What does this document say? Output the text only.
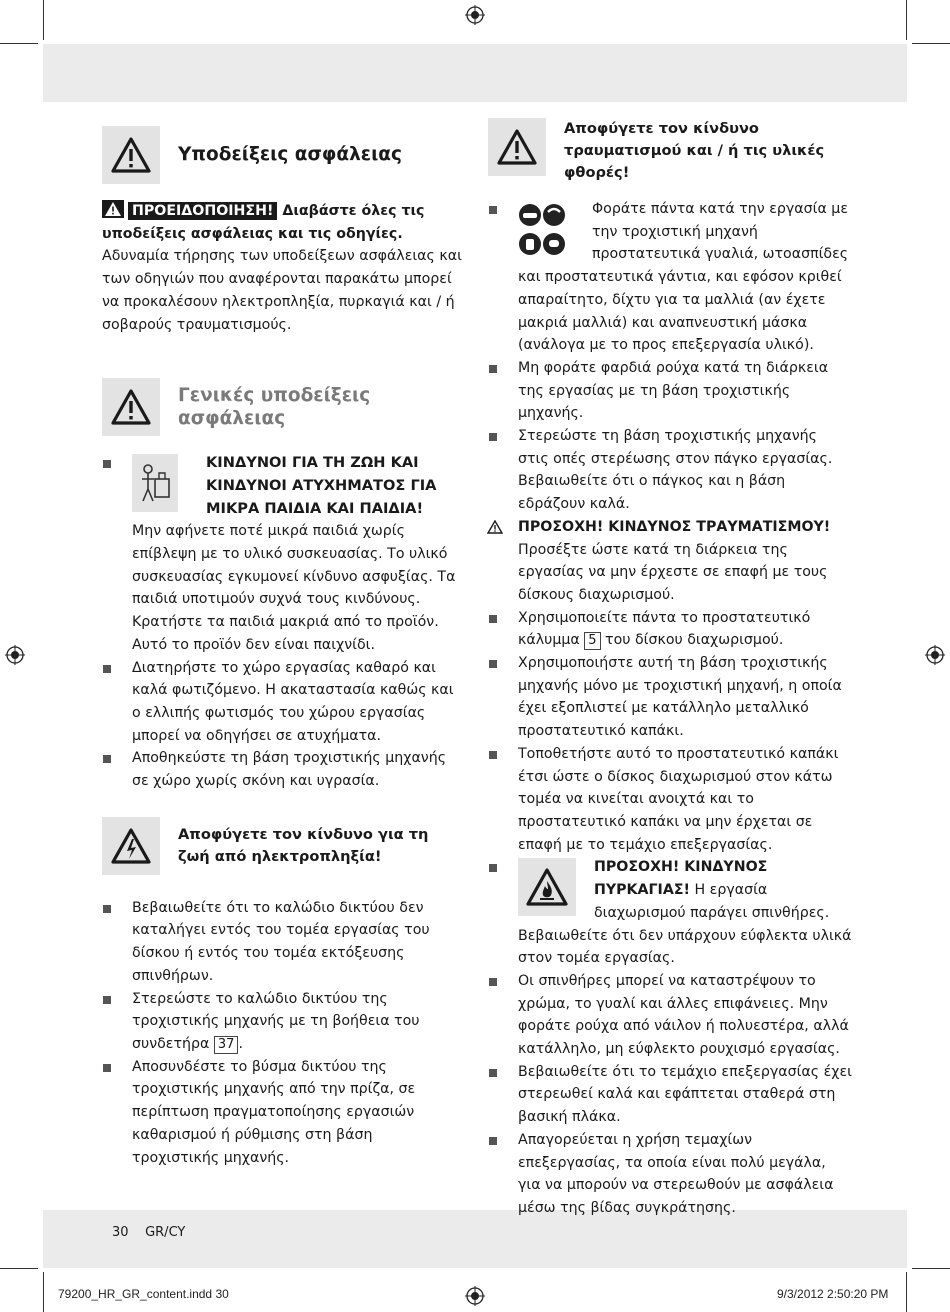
Υποδείξεις ασφάλειας

ΠΡΟΕΙΔΟΠΟΙΗΣΗ! Διαβάστε όλες τις υποδείξεις ασφάλειας και τις οδηγίες. Αδυναμία τήρησης των υποδείξεων ασφάλειας και των οδηγιών που αναφέρονται παρακάτω μπορεί να προκαλέσουν ηλεκτροπληξία, πυρκαγιά και / ή σοβαρούς τραυματισμούς.

Γενικές υποδείξεις
ασφάλειας
ΚΙΝΔΥΝΟΙ ΓΙΑ ΤΗ ΖΩΗ ΚΑΙ ΚΙΝΔΥΝΟΙ ΑΤΥΧΗΜΑΤΟΣ ΓΙΑ ΜΙΚΡΑ ΠΑΙΔΙΑ ΚΑΙ ΠΑΙΔΙΑ!

Μην αφήνετε ποτέ μικρά παιδιά χωρίς επίβλεψη με το υλικό συσκευασίας. Το υλικό συσκευασίας εγκυμονεί κίνδυνο ασφυξίας. Τα παιδιά υποτιμούν συχνά τους κινδύνους. Κρατήστε τα παιδιά μακριά από το προϊόν. Αυτό το προϊόν δεν είναι παιχνίδι.

Διατηρήστε το χώρο εργασίας καθαρό και καλά φωτιζόμενο. Η ακαταστασία καθώς και ο ελλιπής φωτισμός του χώρου εργασίας μπορεί να οδηγήσει σε ατυχήματα.

Αποθηκεύστε τη βάση τροχιστικής μηχανής σε χώρο χωρίς σκόνη και υγρασία.

Αποφύγετε τον κίνδυνο για τη ζωή από ηλεκτροπληξία!

Βεβαιωθείτε ότι το καλώδιο δικτύου δεν καταλήγει εντός του τομέα εργασίας του δίσκου ή εντός του τομέα εκτόξευσης σπινθήρων.

Στερεώστε το καλώδιο δικτύου της τροχιστικής μηχανής με τη βοήθεια του συνδετήρα 37 .

Αποσυνδέστε το βύσμα δικτύου της τροχιστικής μηχανής από την πρίζα, σε περίπτωση πραγματοποίησης εργασιών καθαρισμού ή ρύθμισης στη βάση τροχιστικής μηχανής.

Αποφύγετε τον κίνδυνο τραυματισμού και / ή τις υλικές φθορές!

Φοράτε πάντα κατά την εργασία με την τροχιστική μηχανή προστατευτικά γυαλιά, ωτοασπίδες και προστατευτικά γάντια, και εφόσον κριθεί απαραίτητο, δίχτυ για τα μαλλιά (αν έχετε μακριά μαλλιά) και αναπνευστική μάσκα (ανάλογα με το προς επεξεργασία υλικό).

Μη φοράτε φαρδιά ρούχα κατά τη διάρκεια της εργασίας με τη βάση τροχιστικής μηχανής.

Στερεώστε τη βάση τροχιστικής μηχανής στις οπές στερέωσης στον πάγκο εργασίας. Βεβαιωθείτε ότι ο πάγκος και η βάση εδράζουν καλά.

ΠΡΟΣΟΧΗ! ΚΙΝΔΥΝΟΣ ΤΡΑΥΜΑΤΙΣΜΟΥ! Προσέξτε ώστε κατά τη διάρκεια της εργασίας να μην έρχεστε σε επαφή με τους δίσκους διαχωρισμού.

Χρησιμοποιείτε πάντα το προστατευτικό κάλυμμα 5 του δίσκου διαχωρισμού.

Χρησιμοποιήστε αυτή τη βάση τροχιστικής μηχανής μόνο με τροχιστική μηχανή, η οποία έχει εξοπλιστεί με κατάλληλο μεταλλικό προστατευτικό καπάκι.

Τοποθετήστε αυτό το προστατευτικό καπάκι έτσι ώστε ο δίσκος διαχωρισμού στον κάτω τομέα να κινείται ανοιχτά και το προστατευτικό καπάκι να μην έρχεται σε επαφή με το τεμάχιο επεξεργασίας.

ΠΡΟΣΟΧΗ! ΚΙΝΔΥΝΟΣ ΠΥΡΚΑΓΙΑΣ! Η εργασία διαχωρισμού παράγει σπινθήρες. Βεβαιωθείτε ότι δεν υπάρχουν εύφλεκτα υλικά στον τομέα εργασίας.

Οι σπινθήρες μπορεί να καταστρέψουν το χρώμα, το γυαλί και άλλες επιφάνειες. Μην φοράτε ρούχα από νάιλον ή πολυεστέρα, αλλά κατάλληλο, μη εύφλεκτο ρουχισμό εργασίας.

Βεβαιωθείτε ότι το τεμάχιο επεξεργασίας έχει στερεωθεί καλά και εφάπτεται σταθερά στη βασική πλάκα.

Απαγορεύεται η χρήση τεμαχίων επεξεργασίας, τα οποία είναι πολύ μεγάλα, για να μπορούν να στερεωθούν με ασφάλεια μέσω της βίδας συγκράτησης.

30 GR/CY
79200_HR_GR_content.indd 30	9/3/2012 2:50:20 PM
